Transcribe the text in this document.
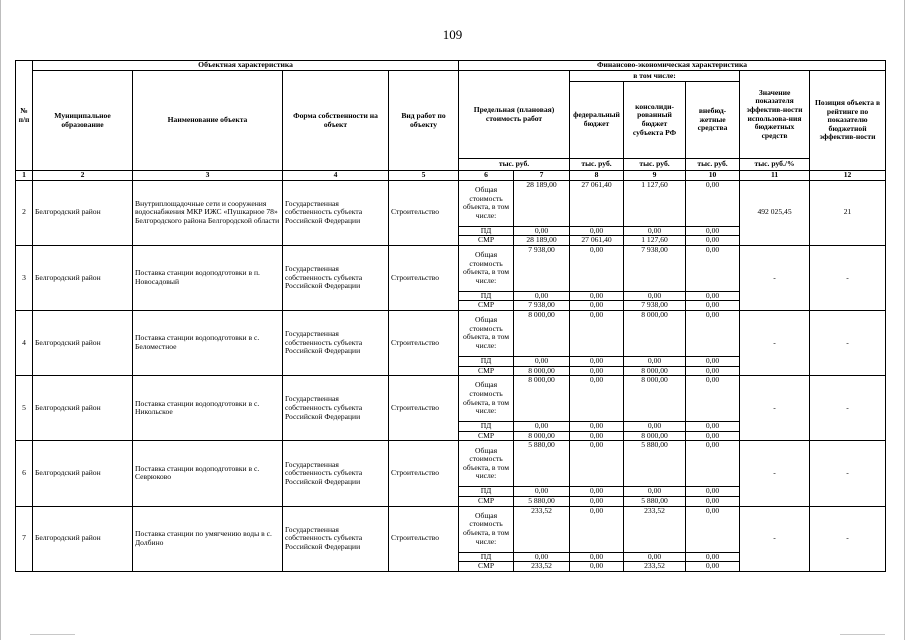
109
№ п/п	Объектная характеристика				Финансово-экономическая характеристика						
	Муниципальное образование	Наименование объекта	Форма собственности на объект	Вид работ по объекту	Предельная (плановая) стоимость работ		в том числе:			Значение показателя эффектив-ности использова-ния бюджетных средств	Позиция объекта в рейтинге по показателю бюджетной эффектив-ности
							федеральный бюджет	консолиди-рованный бюджет субъекта РФ	внебюд-жетные средства		
					тыс. руб.		тыс. руб.	тыс. руб.	тыс. руб.	тыс. руб./%	
1	2	3	4	5	6	7	8	9	10	11	12
2	Белгородский район	Внутриплощадочные сети и сооружения водоснабжения МКР ИЖС «Пушкарное 78» Белгородского района Белгородской области	Государственная собственность субъекта Российской Федерации	Строительство	Общая стоимость объекта, в том числе:	28 189,00	27 061,40	1 127,60	0,00	492 025,45	21
					ПД	0,00	0,00	0,00	0,00		
					СМР	28 189,00	27 061,40	1 127,60	0,00		

3	Белгородский район	Поставка станции водоподготовки в п. Новосадовый	Государственная собственность субъекта Российской Федерации	Строительство	Общая стоимость объекта, в том числе:	7 938,00	0,00	7 938,00	0,00	-	-
					ПД	0,00	0,00	0,00	0,00		
					СМР	7 938,00	0,00	7 938,00	0,00		

4	Белгородский район	Поставка станции водоподготовки в с. Беломестное	Государственная собственность субъекта Российской Федерации	Строительство	Общая стоимость объекта, в том числе:	8 000,00	0,00	8 000,00	0,00	-	-
					ПД	0,00	0,00	0,00	0,00		
					СМР	8 000,00	0,00	8 000,00	0,00		

5	Белгородский район	Поставка станции водоподготовки в с. Никольское	Государственная собственность субъекта Российской Федерации	Строительство	Общая стоимость объекта, в том числе:	8 000,00	0,00	8 000,00	0,00	-	-
					ПД	0,00	0,00	0,00	0,00		
					СМР	8 000,00	0,00	8 000,00	0,00		

6	Белгородский район	Поставка станции водоподготовки в с. Севрюково	Государственная собственность субъекта Российской Федерации	Строительство	Общая стоимость объекта, в том числе:	5 880,00	0,00	5 880,00	0,00	-	-
					ПД	0,00	0,00	0,00	0,00		
					СМР	5 880,00	0,00	5 880,00	0,00		

7	Белгородский район	Поставка станции по умягчению воды в с. Долбино	Государственная собственность субъекта Российской Федерации	Строительство	Общая стоимость объекта, в том числе:	233,52	0,00	233,52	0,00	-	-
					ПД	0,00	0,00	0,00	0,00		
					СМР	233,52	0,00	233,52	0,00		
